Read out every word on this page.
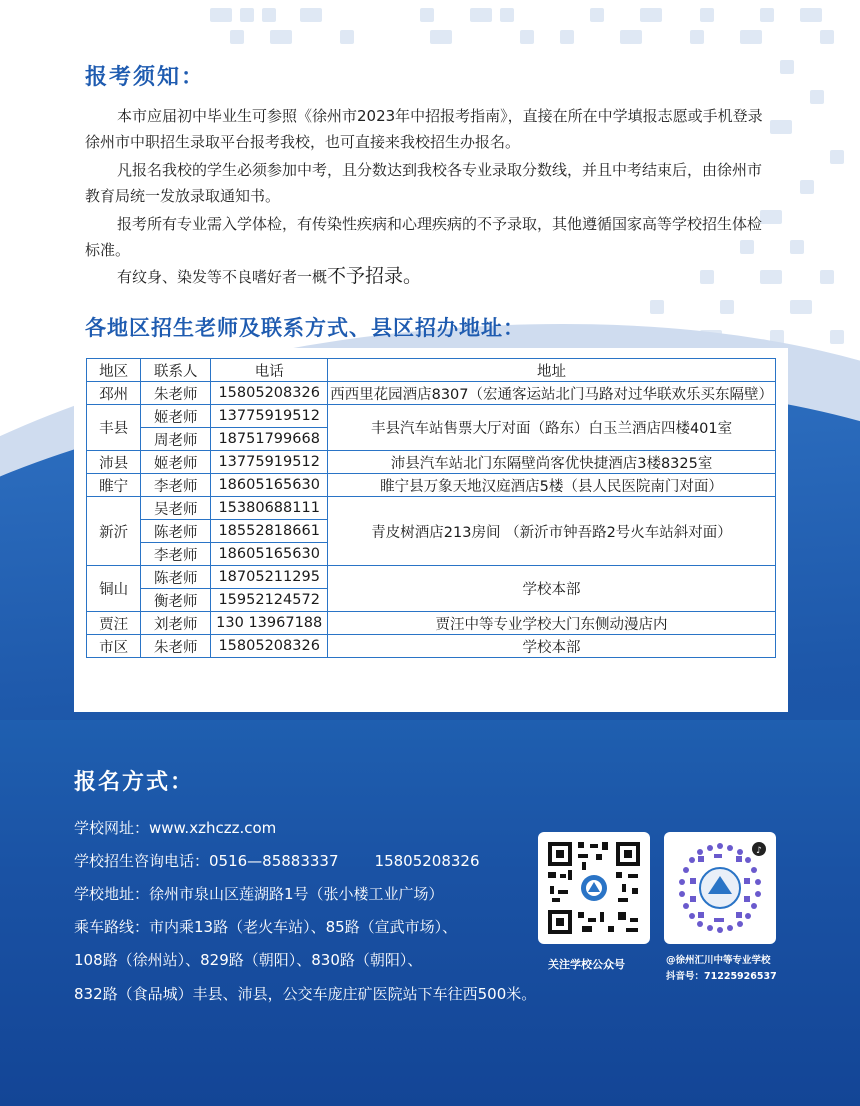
报考须知：
本市应届初中毕业生可参照《徐州市2023年中招报考指南》，直接在所在中学填报志愿或手机登录徐州市中职招生录取平台报考我校，也可直接来我校招生办报名。
凡报名我校的学生必须参加中考，且分数达到我校各专业录取分数线，并且中考结束后，由徐州市教育局统一发放录取通知书。
报考所有专业需入学体检，有传染性疾病和心理疾病的不予录取，其他遵循国家高等学校招生体检标准。
有纹身、染发等不良嗜好者一概不予招录。
各地区招生老师及联系方式、县区招办地址：
地区	联系人	电话	地址
邳州	朱老师	15805208326	西西里花园酒店8307（宏通客运站北门马路对过华联欢乐买东隔壁）
丰县	姬老师	13775919512	丰县汽车站售票大厅对面（路东）白玉兰酒店四楼401室
	周老师	18751799668	
沛县	姬老师	13775919512	沛县汽车站北门东隔壁尚客优快捷酒店3楼8325室
睢宁	李老师	18605165630	睢宁县万象天地汉庭酒店5楼（县人民医院南门对面）
新沂	吴老师	15380688111	青皮树酒店213房间 （新沂市钟吾路2号火车站斜对面）
	陈老师	18552818661	
	李老师	18605165630	
铜山	陈老师	18705211295	学校本部
	衡老师	15952124572	
贾汪	刘老师	130 13967188	贾汪中等专业学校大门东侧动漫店内
市区	朱老师	15805208326	学校本部
报名方式：
学校网址：www.xzhczz.com
学校招生咨询电话：0516—85883337 15805208326
学校地址：徐州市泉山区莲湖路1号（张小楼工业广场）
乘车路线：市内乘13路（老火车站）、85路（宣武市场）、
108路（徐州站）、829路（朝阳）、830路（朝阳）、
832路（食品城）丰县、沛县，公交车庞庄矿医院站下车往西500米。
♪
关注学校公众号	@徐州汇川中等专业学校
抖音号：71225926537
